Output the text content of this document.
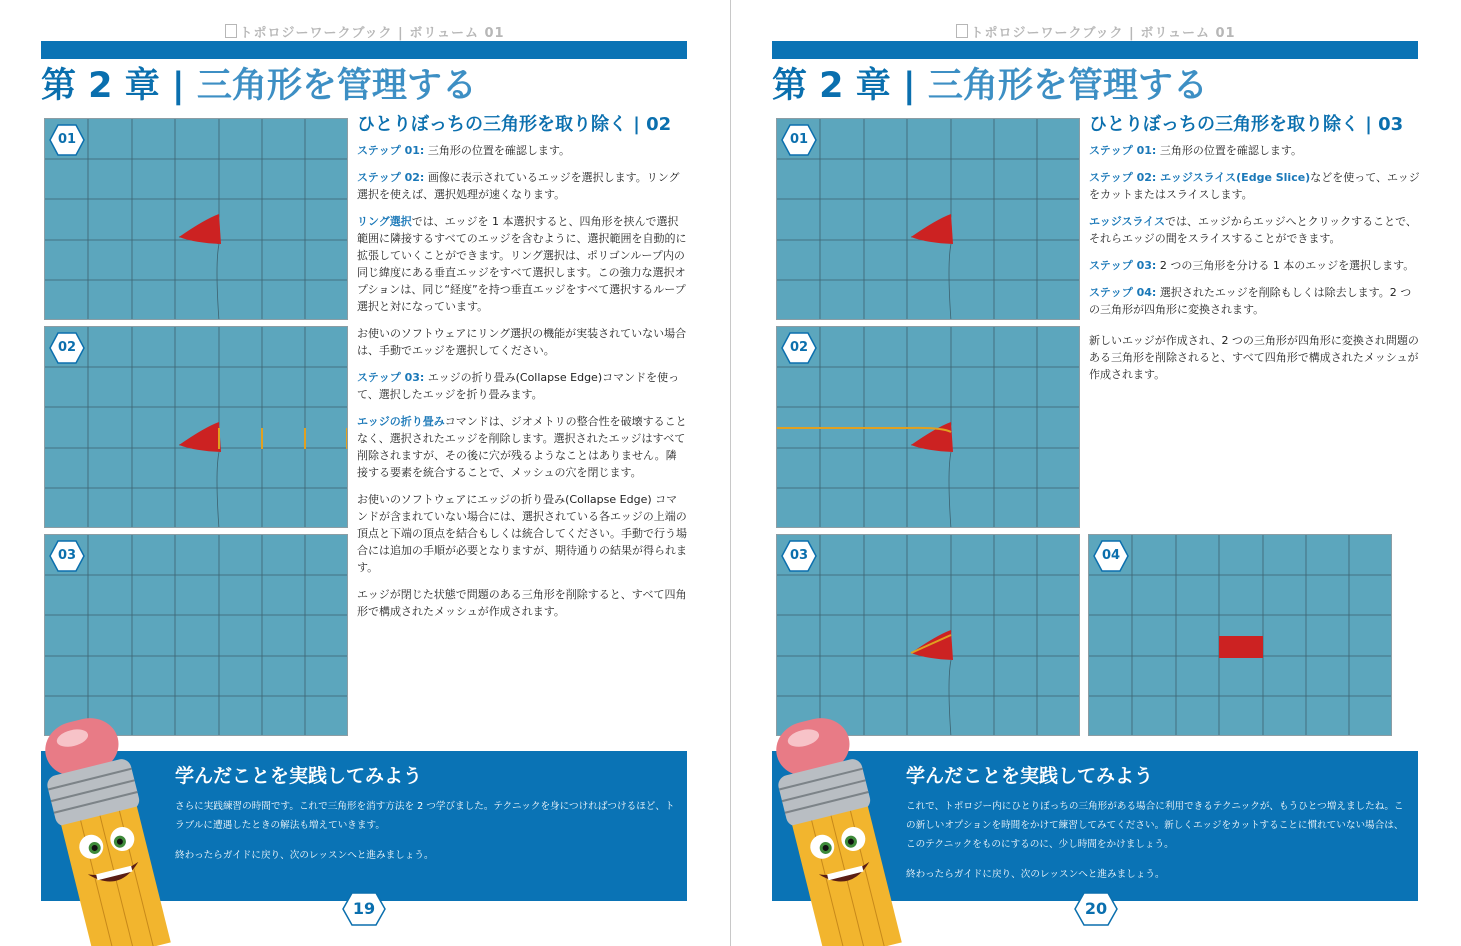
トポロジーワークブック | ボリューム 01
第 2 章 | 三角形を管理する
01
02
03
ひとりぼっちの三角形を取り除く | 02

ステップ 01: 三角形の位置を確認します。

ステップ 02: 画像に表示されているエッジを選択します。リング選択を使えば、選択処理が速くなります。

リング選択では、エッジを 1 本選択すると、四角形を挟んで選択範囲に隣接するすべてのエッジを含むように、選択範囲を自動的に拡張していくことができます。リング選択は、ポリゴンループ内の同じ緯度にある垂直エッジをすべて選択します。この強力な選択オプションは、同じ“経度”を持つ垂直エッジをすべて選択するループ選択と対になっています。

お使いのソフトウェアにリング選択の機能が実装されていない場合は、手動でエッジを選択してください。

ステップ 03: エッジの折り畳み(Collapse Edge)コマンドを使って、選択したエッジを折り畳みます。

エッジの折り畳みコマンドは、ジオメトリの整合性を破壊することなく、選択されたエッジを削除します。選択されたエッジはすべて削除されますが、その後に穴が残るようなことはありません。隣接する要素を統合することで、メッシュの穴を閉じます。

お使いのソフトウェアにエッジの折り畳み(Collapse Edge) コマンドが含まれていない場合には、選択されている各エッジの上端の頂点と下端の頂点を結合もしくは統合してください。手動で行う場合には追加の手順が必要となりますが、期待通りの結果が得られます。

エッジが閉じた状態で問題のある三角形を削除すると、すべて四角形で構成されたメッシュが作成されます。

学んだことを実践してみよう

さらに実践練習の時間です。これで三角形を消す方法を 2 つ学びました。テクニックを身につければつけるほど、トラブルに遭遇したときの解法も増えていきます。

終わったらガイドに戻り、次のレッスンへと進みましょう。

19
トポロジーワークブック | ボリューム 01
第 2 章 | 三角形を管理する
01
02
03	04
ひとりぼっちの三角形を取り除く | 03

ステップ 01: 三角形の位置を確認します。

ステップ 02: エッジスライス(Edge Slice)などを使って、エッジをカットまたはスライスします。

エッジスライスでは、エッジからエッジへとクリックすることで、それらエッジの間をスライスすることができます。

ステップ 03: 2 つの三角形を分ける 1 本のエッジを選択します。

ステップ 04: 選択されたエッジを削除もしくは除去します。2 つの三角形が四角形に変換されます。

新しいエッジが作成され、2 つの三角形が四角形に変換され問題のある三角形を削除されると、すべて四角形で構成されたメッシュが作成されます。

学んだことを実践してみよう

これで、トポロジー内にひとりぼっちの三角形がある場合に利用できるテクニックが、もうひとつ増えましたね。この新しいオプションを時間をかけて練習してみてください。新しくエッジをカットすることに慣れていない場合は、このテクニックをものにするのに、少し時間をかけましょう。

終わったらガイドに戻り、次のレッスンへと進みましょう。

20
